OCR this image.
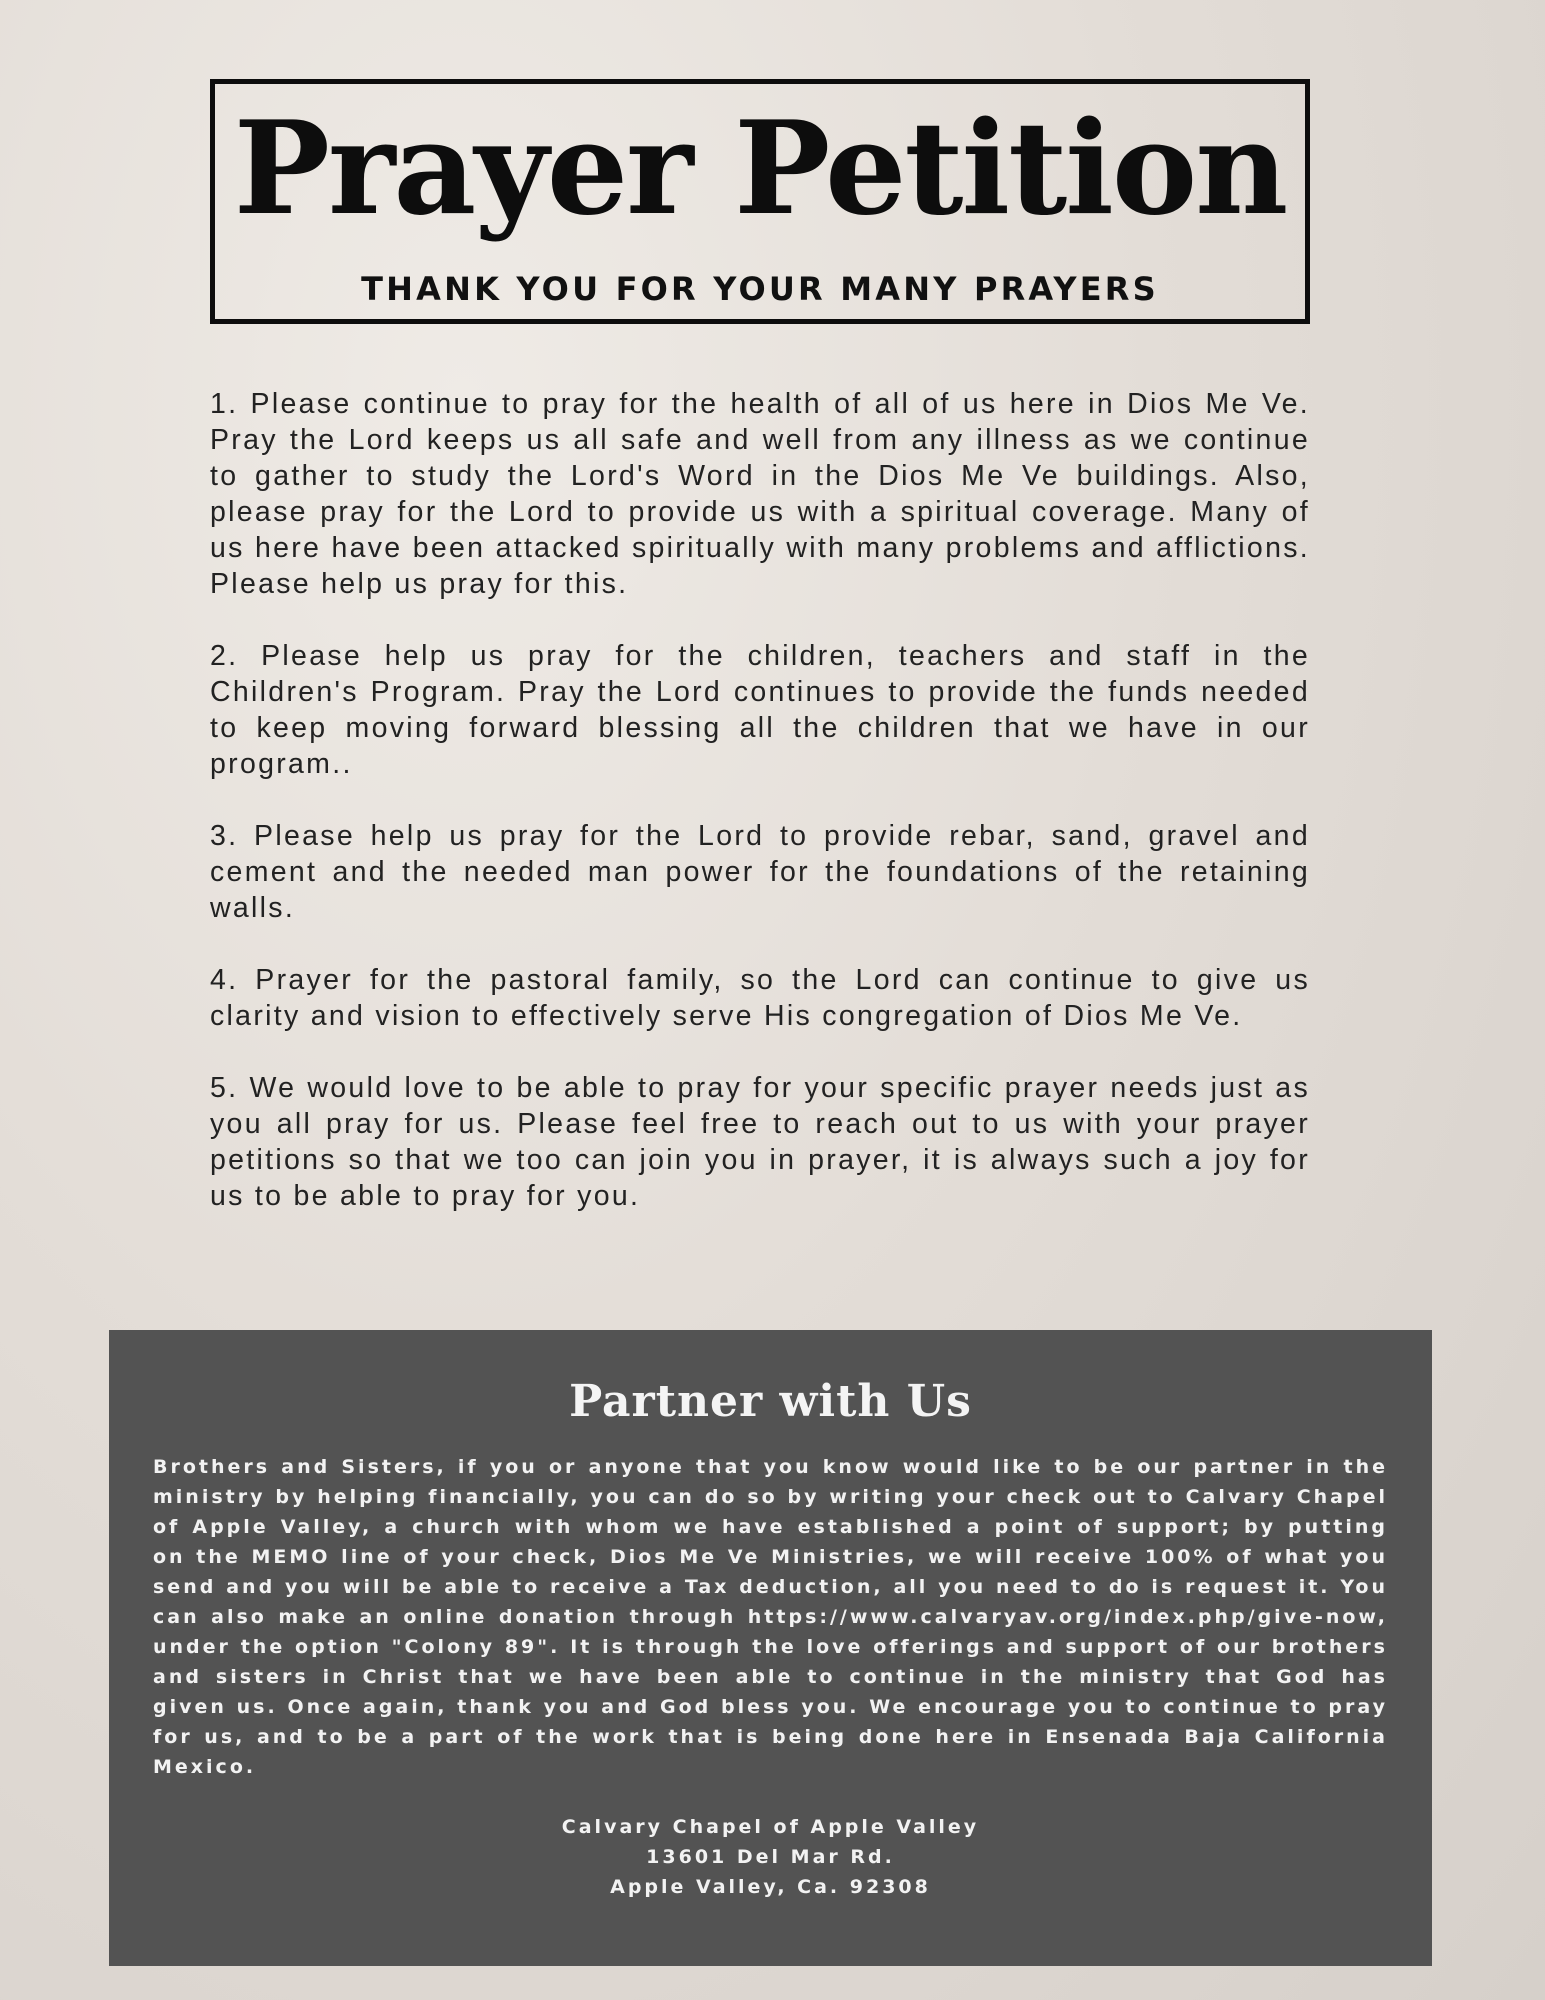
Prayer Petition
THANK YOU FOR YOUR MANY PRAYERS

1. Please continue to pray for the health of all of us here in Dios Me Ve. Pray the Lord keeps us all safe and well from any illness as we continue to gather to study the Lord's Word in the Dios Me Ve buildings. Also, please pray for the Lord to provide us with a spiritual coverage. Many of us here have been attacked spiritually with many problems and afflictions. Please help us pray for this.

2. Please help us pray for the children, teachers and staff in the Children's Program. Pray the Lord continues to provide the funds needed to keep moving forward blessing all the children that we have in our program..

3. Please help us pray for the Lord to provide rebar, sand, gravel and cement and the needed man power for the foundations of the retaining walls.

4. Prayer for the pastoral family, so the Lord can continue to give us clarity and vision to effectively serve His congregation of Dios Me Ve.

5. We would love to be able to pray for your specific prayer needs just as you all pray for us. Please feel free to reach out to us with your prayer petitions so that we too can join you in prayer, it is always such a joy for us to be able to pray for you.

Partner with Us

Brothers and Sisters, if you or anyone that you know would like to be our partner in the ministry by helping financially, you can do so by writing your check out to Calvary Chapel of Apple Valley, a church with whom we have established a point of support; by putting on the MEMO line of your check, Dios Me Ve Ministries, we will receive 100% of what you send and you will be able to receive a Tax deduction, all you need to do is request it. You can also make an online donation through https://www.calvaryav.org/index.php/give-now, under the option "Colony 89". It is through the love offerings and support of our brothers and sisters in Christ that we have been able to continue in the ministry that God has given us. Once again, thank you and God bless you. We encourage you to continue to pray for us, and to be a part of the work that is being done here in Ensenada Baja California Mexico.

Calvary Chapel of Apple Valley
13601 Del Mar Rd.
Apple Valley, Ca. 92308
